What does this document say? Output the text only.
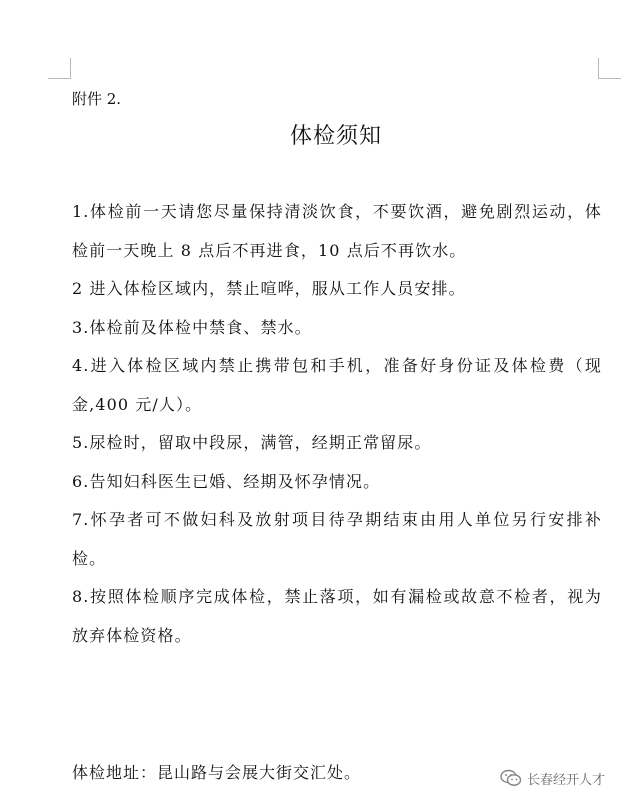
附件 2.
体检须知

1.体检前一天请您尽量保持清淡饮食，不要饮酒，避免剧烈运动，体检前一天晚上 8 点后不再进食，10 点后不再饮水。

2 进入体检区域内，禁止喧哗，服从工作人员安排。

3.体检前及体检中禁食、禁水。

4.进入体检区域内禁止携带包和手机，准备好身份证及体检费（现金,400 元/人）。

5.尿检时，留取中段尿，满管，经期正常留尿。

6.告知妇科医生已婚、经期及怀孕情况。

7.怀孕者可不做妇科及放射项目待孕期结束由用人单位另行安排补检。

8.按照体检顺序完成体检，禁止落项，如有漏检或故意不检者，视为放弃体检资格。

体检地址：昆山路与会展大街交汇处。	长春经开人才
